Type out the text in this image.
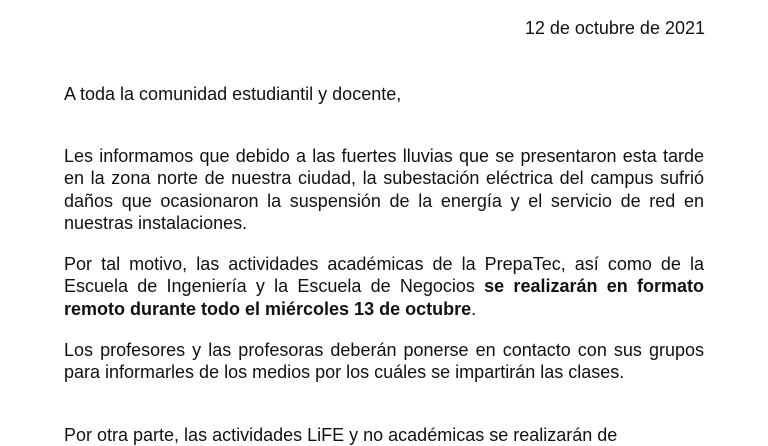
12 de octubre de 2021
A toda la comunidad estudiantil y docente,

Les informamos que debido a las fuertes lluvias que se presentaron esta tarde en la zona norte de nuestra ciudad, la subestación eléctrica del campus sufrió daños que ocasionaron la suspensión de la energía y el servicio de red en nuestras instalaciones.

Por tal motivo, las actividades académicas de la PrepaTec, así como de la Escuela de Ingeniería y la Escuela de Negocios se realizarán en formato remoto durante todo el miércoles 13 de octubre.

Los profesores y las profesoras deberán ponerse en contacto con sus grupos para informarles de los medios por los cuáles se impartirán las clases.

Por otra parte, las actividades LiFE y no académicas se realizarán de
